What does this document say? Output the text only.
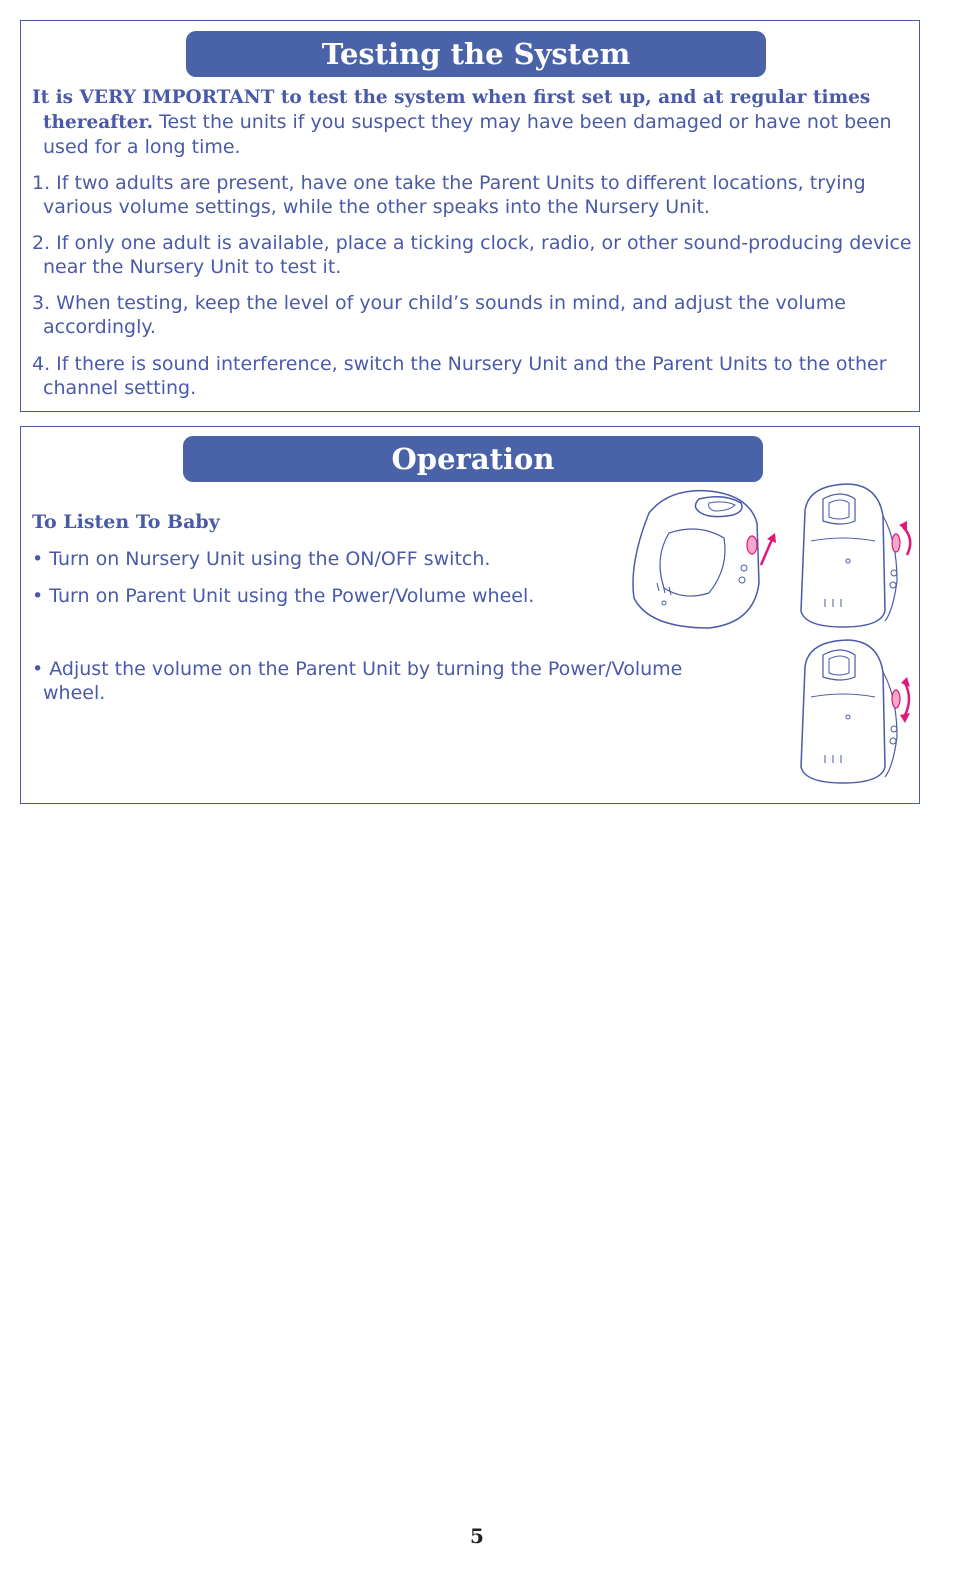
Testing the System

It is VERY IMPORTANT to test the system when first set up, and at regular times thereafter. Test the units if you suspect they may have been damaged or have not been used for a long time.

1. If two adults are present, have one take the Parent Units to different locations, trying various volume settings, while the other speaks into the Nursery Unit.

2. If only one adult is available, place a ticking clock, radio, or other sound-producing device near the Nursery Unit to test it.

3. When testing, keep the level of your child’s sounds in mind, and adjust the volume accordingly.

4. If there is sound interference, switch the Nursery Unit and the Parent Units to the other channel setting.

Operation

To Listen To Baby

• Turn on Nursery Unit using the ON/OFF switch.

• Turn on Parent Unit using the Power/Volume wheel.

• Adjust the volume on the Parent Unit by turning the Power/Volume wheel.

5
